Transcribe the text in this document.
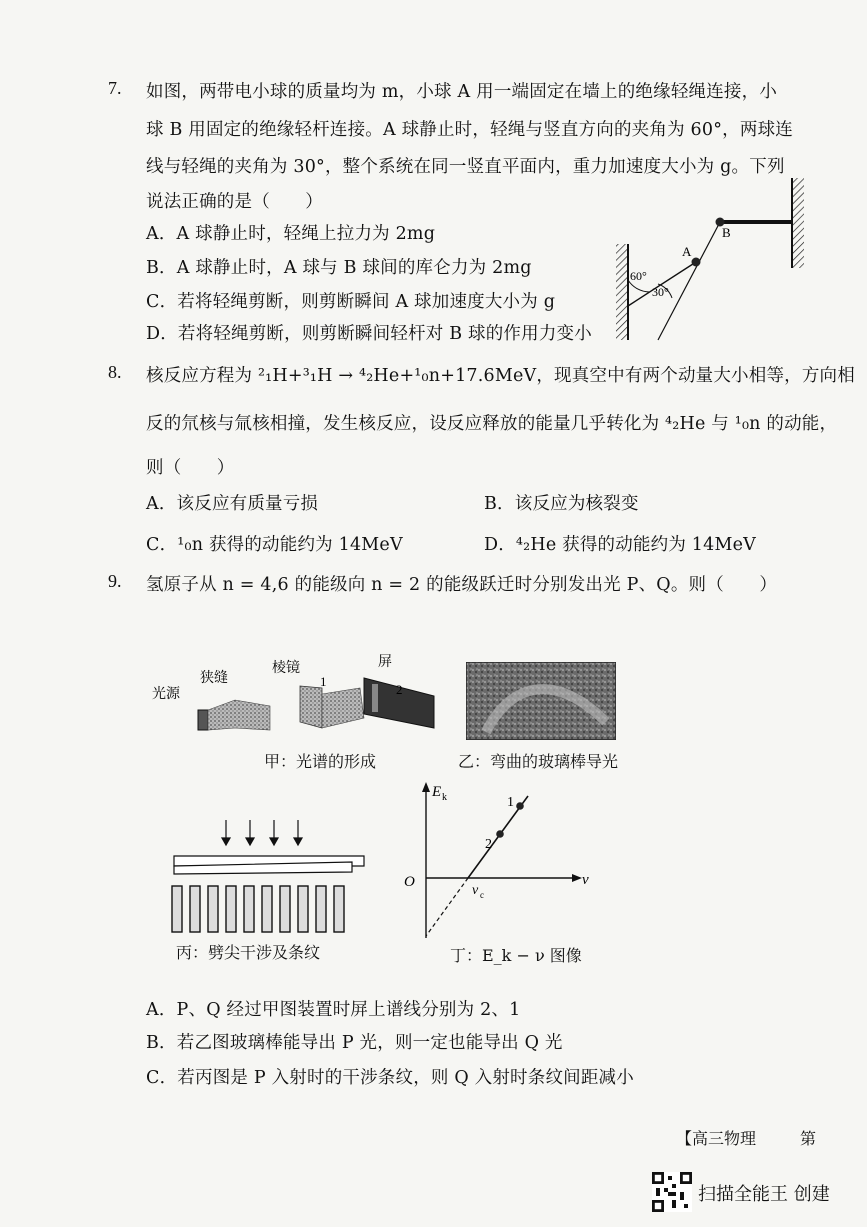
7. 如图，两带电小球的质量均为 m，小球 A 用一端固定在墙上的绝缘轻绳连接，小
球 B 用固定的绝缘轻杆连接。A 球静止时，轻绳与竖直方向的夹角为 60°，两球连
线与轻绳的夹角为 30°，整个系统在同一竖直平面内，重力加速度大小为 g。下列
说法正确的是（　　）
A．A 球静止时，轻绳上拉力为 2mg
B．A 球静止时，A 球与 B 球间的库仑力为 2mg
C．若将轻绳剪断，则剪断瞬间 A 球加速度大小为 g
D．若将轻绳剪断，则剪断瞬间轻杆对 B 球的作用力变小
A
B
60°
30°
8. 核反应方程为 ²₁H+³₁H → ⁴₂He+¹₀n+17.6MeV，现真空中有两个动量大小相等，方向相
反的氘核与氚核相撞，发生核反应，设反应释放的能量几乎转化为 ⁴₂He 与 ¹₀n 的动能，
则（　　）
A．该反应有质量亏损	B．该反应为核裂变
C．¹₀n 获得的动能约为 14MeV	D．⁴₂He 获得的动能约为 14MeV
9. 氢原子从 n = 4,6 的能级向 n = 2 的能级跃迁时分别发出光 P、Q。则（　　）
光源
狭缝
棱镜	屏
1
2
甲：光谱的形成	乙：弯曲的玻璃棒导光
丙：劈尖干涉及条纹
E k
ν
O
ν c
1
2
丁：E_k − ν 图像
A．P、Q 经过甲图装置时屏上谱线分别为 2、1
B．若乙图玻璃棒能导出 P 光，则一定也能导出 Q 光
C．若丙图是 P 入射时的干涉条纹，则 Q 入射时条纹间距减小
【高三物理	第
扫描全能王 创建
